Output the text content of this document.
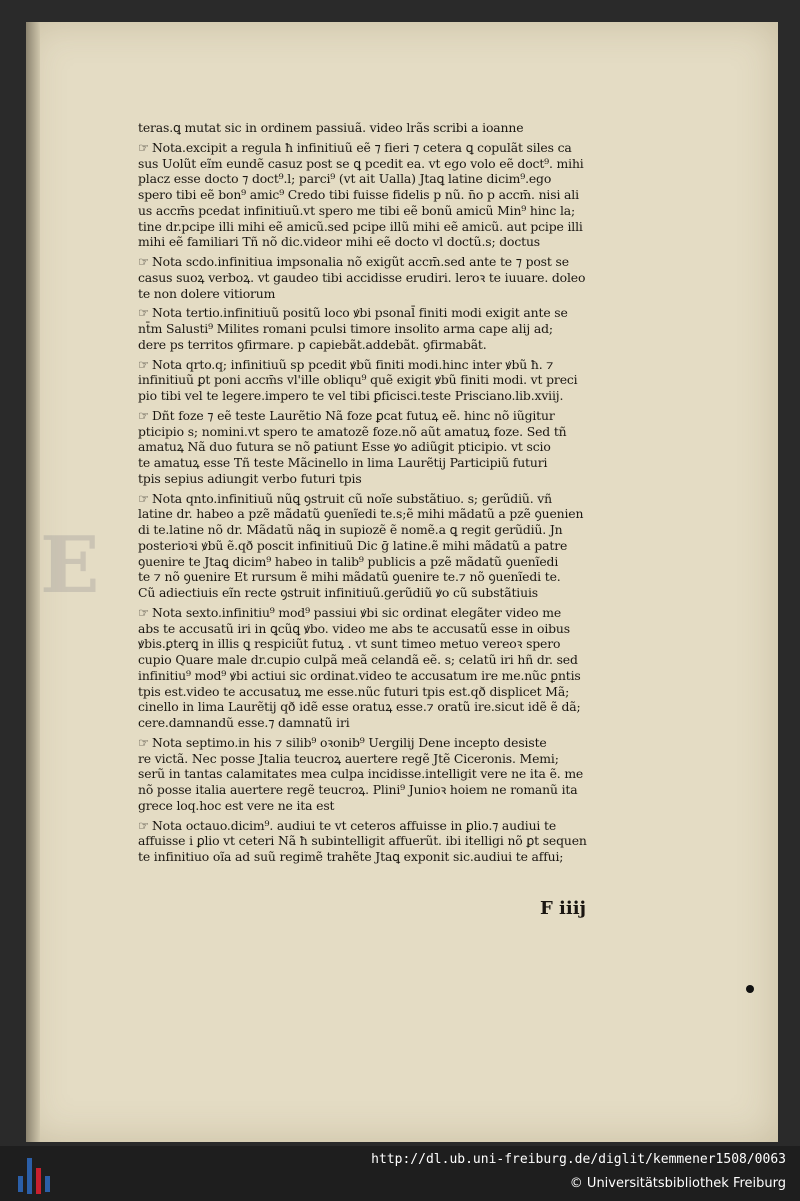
E
teras.ꝗ mutat sic in ordinem passiuã. video lrãs scribi a ioanne
☞ Nota.excipit a regula ħ infinitiuũ eẽ ⁊ fieri ⁊ cetera ꝗ copulãt siles ca
sus Uolũt eĩm eundẽ casuz post se ꝗ pcedit ea. vt ego volo eẽ doct⁹. mihi
placz esse docto ⁊ doct⁹.l; parci⁹ (vt ait Ualla) Jtaꝗ latine dicim⁹.ego
spero tibi eẽ bon⁹ amic⁹ Credo tibi fuisse fidelis p nũ. n̄o p accm̄. nisi ali
us accm̄s pcedat infinitiuũ.vt spero me tibi eẽ bonũ amicũ Min⁹ hinc la;
tine dr.pcipe illi mihi eẽ amicũ.sed pcipe illũ mihi eẽ amicũ. aut pcipe illi
mihi eẽ familiari Tñ nõ dic.videor mihi eẽ docto vl doctũ.s; doctus
☞ Nota scdo.infinitiua impsonalia nõ exigũt accm̄.sed ante te ⁊ post se
casus suoꝝ verboꝝ. vt gaudeo tibi accidisse erudiri. leroꝛ te iuuare. doleo
te non dolere vitiorum
☞ Nota tertio.infinitiuũ positũ loco ꝟbi psonal̄ finiti modi exigit ante se
nt̄m Salusti⁹ Milites romani pculsi timore insolito arma cape alij ad;
dere ps territos ꝯfirmare. p capiebãt.addebãt. ꝯfirmabãt.
☞ Nota qrto.q; infinitiuũ sp pcedit ꝟbũ finiti modi.hinc inter ꝟbũ ħ. ⁊
infinitiuũ ꝑt poni accm̄s vl'ille obliqu⁹ quẽ exigit ꝟbũ finiti modi. vt preci
pio tibi vel te legere.impero te vel tibi ꝑficisci.teste Prisciano.lib.xviij.
☞ Dñt foze ⁊ eẽ teste Laurẽtio Nã foze ꝑcat futuꝝ eẽ. hinc nõ iũgitur
pticipio s; nomini.vt spero te amatozẽ foze.nõ aũt amatuꝝ foze. Sed tñ
amatuꝝ Nã duo futura se nõ ꝑatiunt Esse ꝟo adiũgit pticipio. vt scio
te amatuꝝ esse Tñ teste Mãcinello in lima Laurẽtij Participiũ futuri
tpis sepius adiungit verbo futuri tpis
☞ Nota qnto.infinitiuũ nũꝗ ꝯstruit cũ noĩe substãtiuo. s; gerũdiũ. vñ
latine dr. habeo a pzẽ mãdatũ ꝯuenĩedi te.s;ẽ mihi mãdatũ a pzẽ ꝯuenien
di te.latine nõ dr. Mãdatũ nãꝗ in supiozẽ ẽ nomẽ.a ꝗ regit gerũdiũ. Jn
posterioꝛi ꝟbũ ẽ.qð poscit infinitiuũ Dic ḡ latine.ẽ mihi mãdatũ a patre
ꝯuenire te Jtaꝗ dicim⁹ habeo in talib⁹ publicis a pzẽ mãdatũ ꝯuenĩedi
te ⁊ nõ ꝯuenire Et rursum ẽ mihi mãdatũ ꝯuenire te.⁊ nõ ꝯuenĩedi te.
Cũ adiectiuis eĩn recte ꝯstruit infinitiuũ.gerũdiũ ꝟo cũ substãtiuis
☞ Nota sexto.infinitiu⁹ mod⁹ passiui ꝟbi sic ordinat elegãter video me
abs te accusatũ iri in ꝗcũꝗ ꝟbo. video me abs te accusatũ esse in oibus
ꝟbis.ꝑterꝗ in illis ꝗ respiciũt futuꝝ . vt sunt timeo metuo vereoꝛ spero
cupio Quare male dr.cupio culpã meã celandã eẽ. s; celatũ iri hñ dr. sed
infinitiu⁹ mod⁹ ꝟbi actiui sic ordinat.video te accusatum ire me.nũc ꝑntis
tpis est.video te accusatuꝝ me esse.nũc futuri tpis est.qð displicet Mã;
cinello in lima Laurẽtij qð idẽ esse oratuꝝ esse.⁊ oratũ ire.sicut idẽ ẽ dã;
cere.damnandũ esse.⁊ damnatũ iri
☞ Nota septimo.in his ⁊ silib⁹ oꝛonib⁹ Uergilij Dene incepto desiste
re victã. Nec posse Jtalia teucroꝝ auertere regẽ Jtẽ Ciceronis. Memi;
serũ in tantas calamitates mea culpa incidisse.intelligit vere ne ita ẽ. me
nõ posse italia auertere regẽ teucroꝝ. Plini⁹ Junioꝛ hoiem ne romanũ ita
grece loq.hoc est vere ne ita est
☞ Nota octauo.dicim⁹. audiui te vt ceteros affuisse in ꝑlio.⁊ audiui te
affuisse i ꝑlio vt ceteri Nã ħ subintelligit affuerũt. ibi itelligi nõ ꝑt sequen
te infinitiuo oĩa ad suũ regimẽ trahẽte Jtaꝗ exponit sic.audiui te affui;
F iiij
http://dl.ub.uni-freiburg.de/diglit/kemmener1508/0063
© Universitätsbibliothek Freiburg
